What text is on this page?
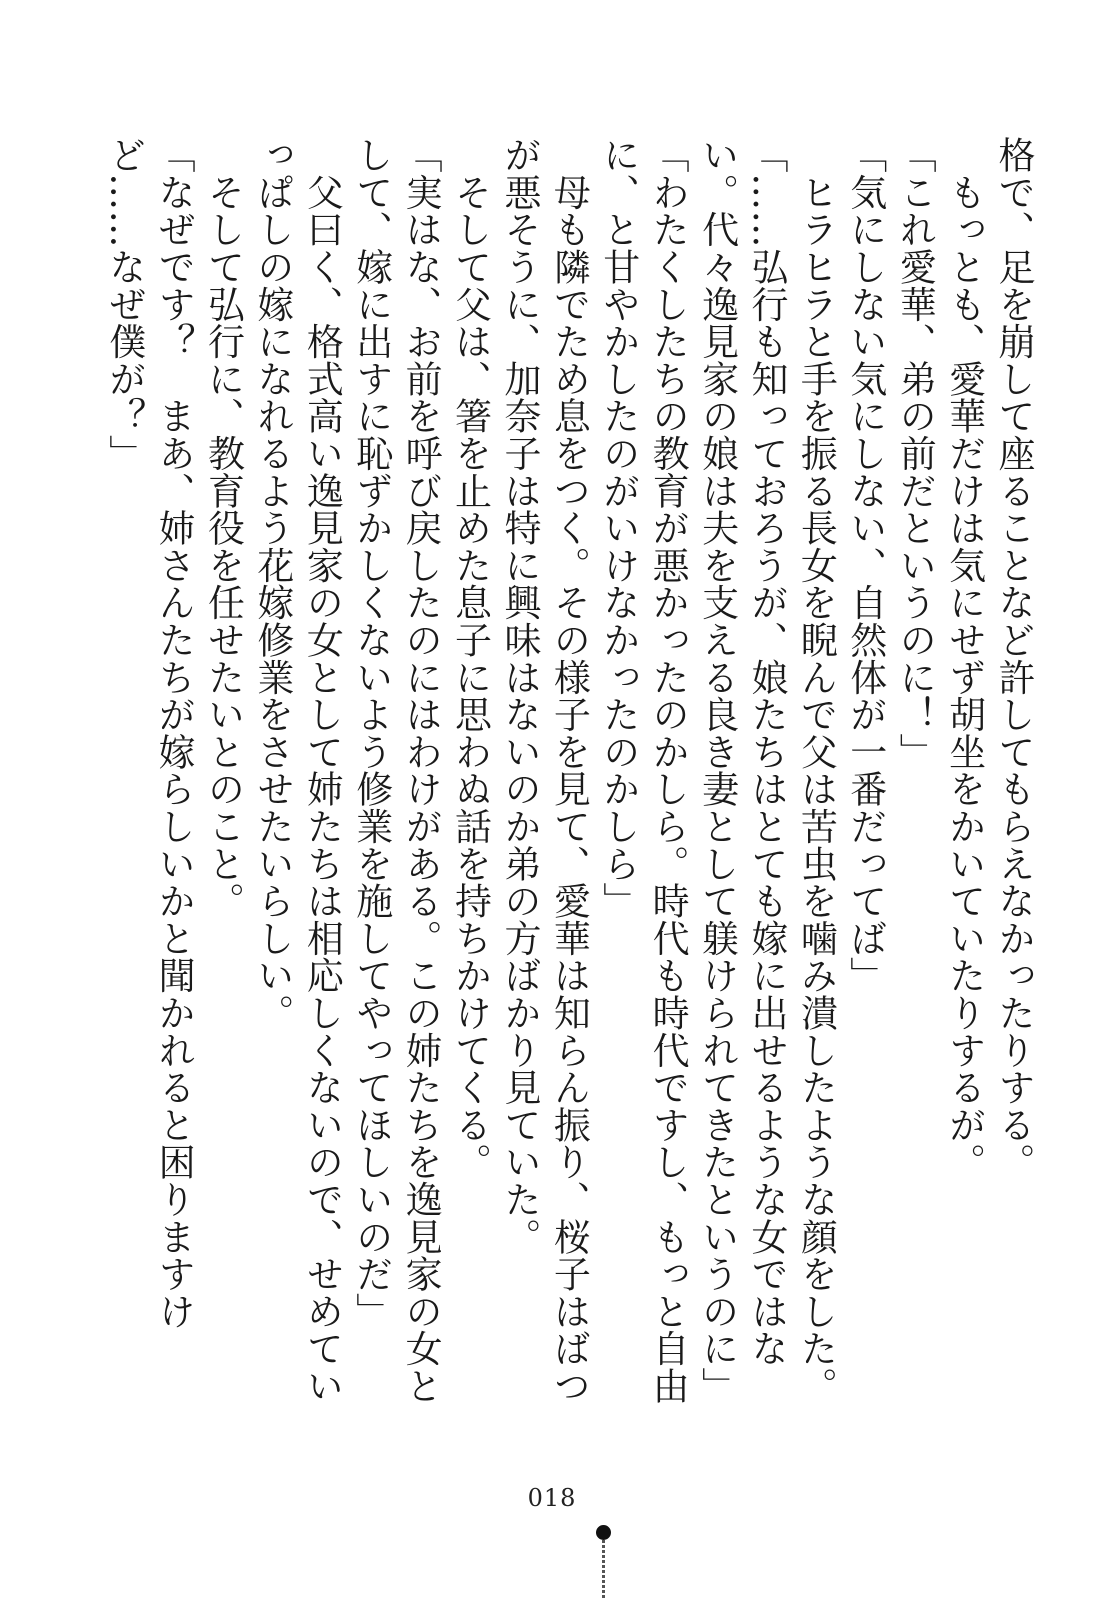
格で、足を崩して座ることなど許してもらえなかったりする。

　もっとも、愛華だけは気にせず胡坐をかいていたりするが。

「これ愛華、弟の前だというのに！」

「気にしない気にしない、自然体が一番だってば」

　ヒラヒラと手を振る長女を睨んで父は苦虫を噛み潰したような顔をした。

「……弘行も知っておろうが、娘たちはとても嫁に出せるような女ではない。代々逸見家の娘は夫を支える良き妻として躾けられてきたというのに」

「わたくしたちの教育が悪かったのかしら。時代も時代ですし、もっと自由に、と甘やかしたのがいけなかったのかしら」

　母も隣でため息をつく。その様子を見て、愛華は知らん振り、桜子はばつが悪そうに、加奈子は特に興味はないのか弟の方ばかり見ていた。

　そして父は、箸を止めた息子に思わぬ話を持ちかけてくる。

「実はな、お前を呼び戻したのにはわけがある。この姉たちを逸見家の女として、嫁に出すに恥ずかしくないよう修業を施してやってほしいのだ」

　父曰く、格式高い逸見家の女として姉たちは相応しくないので、せめていっぱしの嫁になれるよう花嫁修業をさせたいらしい。

　そして弘行に、教育役を任せたいとのこと。

「なぜです？　まあ、姉さんたちが嫁らしいかと聞かれると困りますけど……なぜ僕が？」

018
